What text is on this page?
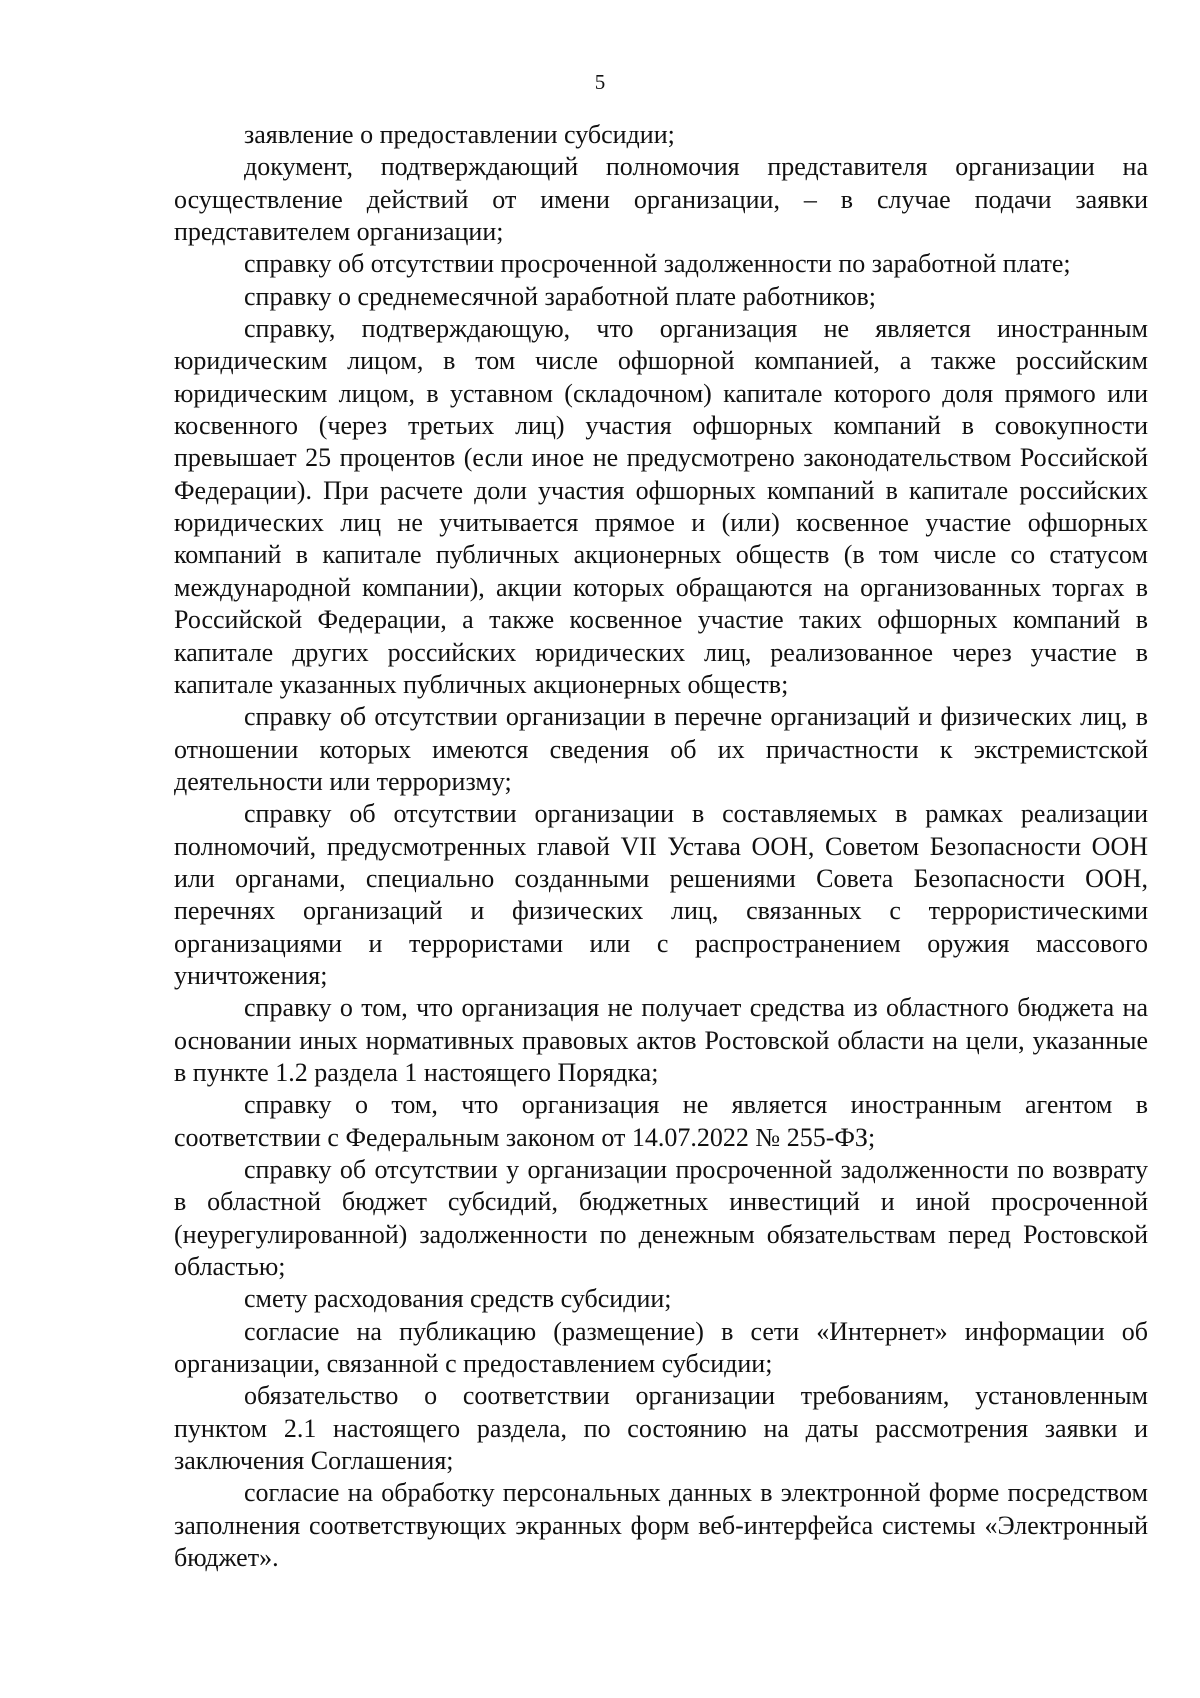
5

заявление о предоставлении субсидии;

документ, подтверждающий полномочия представителя организации на осуществление действий от имени организации, – в случае подачи заявки представителем организации;

справку об отсутствии просроченной задолженности по заработной плате;

справку о среднемесячной заработной плате работников;

справку, подтверждающую, что организация не является иностранным юридическим лицом, в том числе офшорной компанией, а также российским юридическим лицом, в уставном (складочном) капитале которого доля прямого или косвенного (через третьих лиц) участия офшорных компаний в совокупности превышает 25 процентов (если иное не предусмотрено законодательством Российской Федерации). При расчете доли участия офшорных компаний в капитале российских юридических лиц не учитывается прямое и (или) косвенное участие офшорных компаний в капитале публичных акционерных обществ (в том числе со статусом международной компании), акции которых обращаются на организованных торгах в Российской Федерации, а также косвенное участие таких офшорных компаний в капитале других российских юридических лиц, реализованное через участие в капитале указанных публичных акционерных обществ;

справку об отсутствии организации в перечне организаций и физических лиц, в отношении которых имеются сведения об их причастности к экстремистской деятельности или терроризму;

справку об отсутствии организации в составляемых в рамках реализации полномочий, предусмотренных главой VII Устава ООН, Советом Безопасности ООН или органами, специально созданными решениями Совета Безопасности ООН, перечнях организаций и физических лиц, связанных с террористическими организациями и террористами или с распространением оружия массового уничтожения;

справку о том, что организация не получает средства из областного бюджета на основании иных нормативных правовых актов Ростовской области на цели, указанные в пункте 1.2 раздела 1 настоящего Порядка;

справку о том, что организация не является иностранным агентом в соответствии с Федеральным законом от 14.07.2022 № 255-ФЗ;

справку об отсутствии у организации просроченной задолженности по возврату в областной бюджет субсидий, бюджетных инвестиций и иной просроченной (неурегулированной) задолженности по денежным обязательствам перед Ростовской областью;

смету расходования средств субсидии;

согласие на публикацию (размещение) в сети «Интернет» информации об организации, связанной с предоставлением субсидии;

обязательство о соответствии организации требованиям, установленным пунктом 2.1 настоящего раздела, по состоянию на даты рассмотрения заявки и заключения Соглашения;

согласие на обработку персональных данных в электронной форме посредством заполнения соответствующих экранных форм веб-интерфейса системы «Электронный бюджет».
